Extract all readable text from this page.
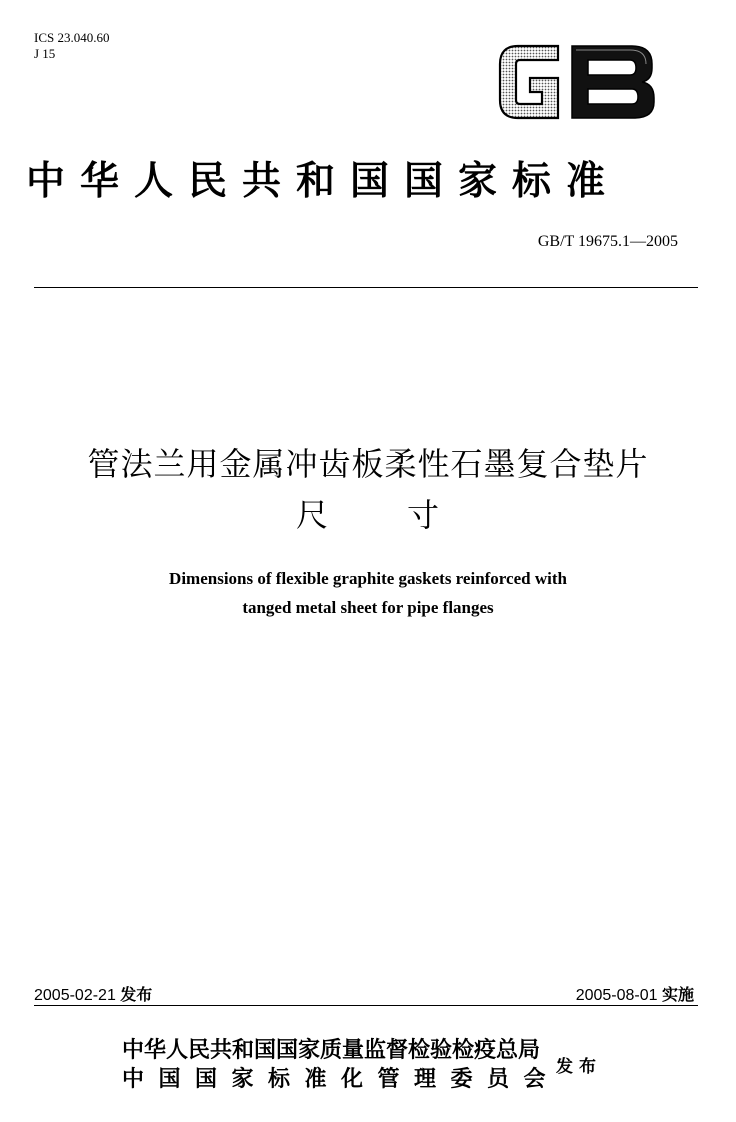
ICS 23.040.60
J 15
GB
中华人民共和国国家标准
GB/T 19675.1—2005
管法兰用金属冲齿板柔性石墨复合垫片
尺 寸
Dimensions of flexible graphite gaskets reinforced with
tanged metal sheet for pipe flanges
2005-02-21 发布	2005-08-01 实施
中华人民共和国国家质量监督检验检疫总局
中国国家标准化管理委员会
发布
